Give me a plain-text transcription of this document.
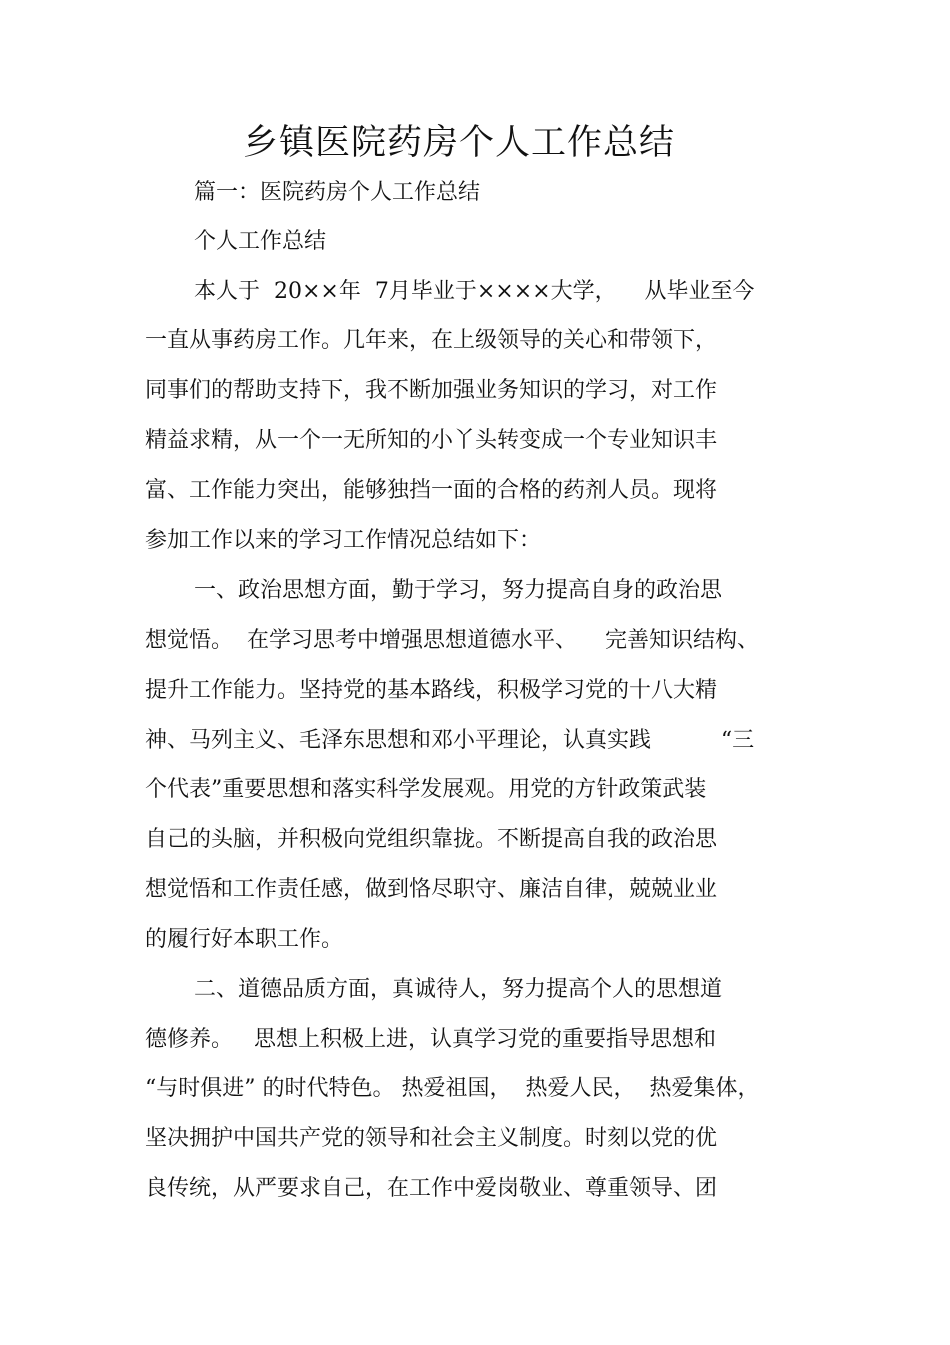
乡镇医院药房个人工作总结
篇一：医院药房个人工作总结
个人工作总结
本人于  20××年  7月毕业于××××大学，    从毕业至今
一直从事药房工作。几年来，在上级领导的关心和带领下，
同事们的帮助支持下，我不断加强业务知识的学习，对工作
精益求精，从一个一无所知的小丫头转变成一个专业知识丰
富、工作能力突出，能够独挡一面的合格的药剂人员。现将
参加工作以来的学习工作情况总结如下：
一、政治思想方面，勤于学习，努力提高自身的政治思
想觉悟。  在学习思考中增强思想道德水平、    完善知识结构、
提升工作能力。坚持党的基本路线，积极学习党的十八大精
神、马列主义、毛泽东思想和邓小平理论，认真实践          “三
个代表”重要思想和落实科学发展观。用党的方针政策武装
自己的头脑，并积极向党组织靠拢。不断提高自我的政治思
想觉悟和工作责任感，做到恪尽职守、廉洁自律，兢兢业业
的履行好本职工作。
二、道德品质方面，真诚待人，努力提高个人的思想道
德修养。   思想上积极上进，认真学习党的重要指导思想和
“与时俱进” 的时代特色。 热爱祖国，  热爱人民，  热爱集体，
坚决拥护中国共产党的领导和社会主义制度。时刻以党的优
良传统，从严要求自己，在工作中爱岗敬业、尊重领导、团
